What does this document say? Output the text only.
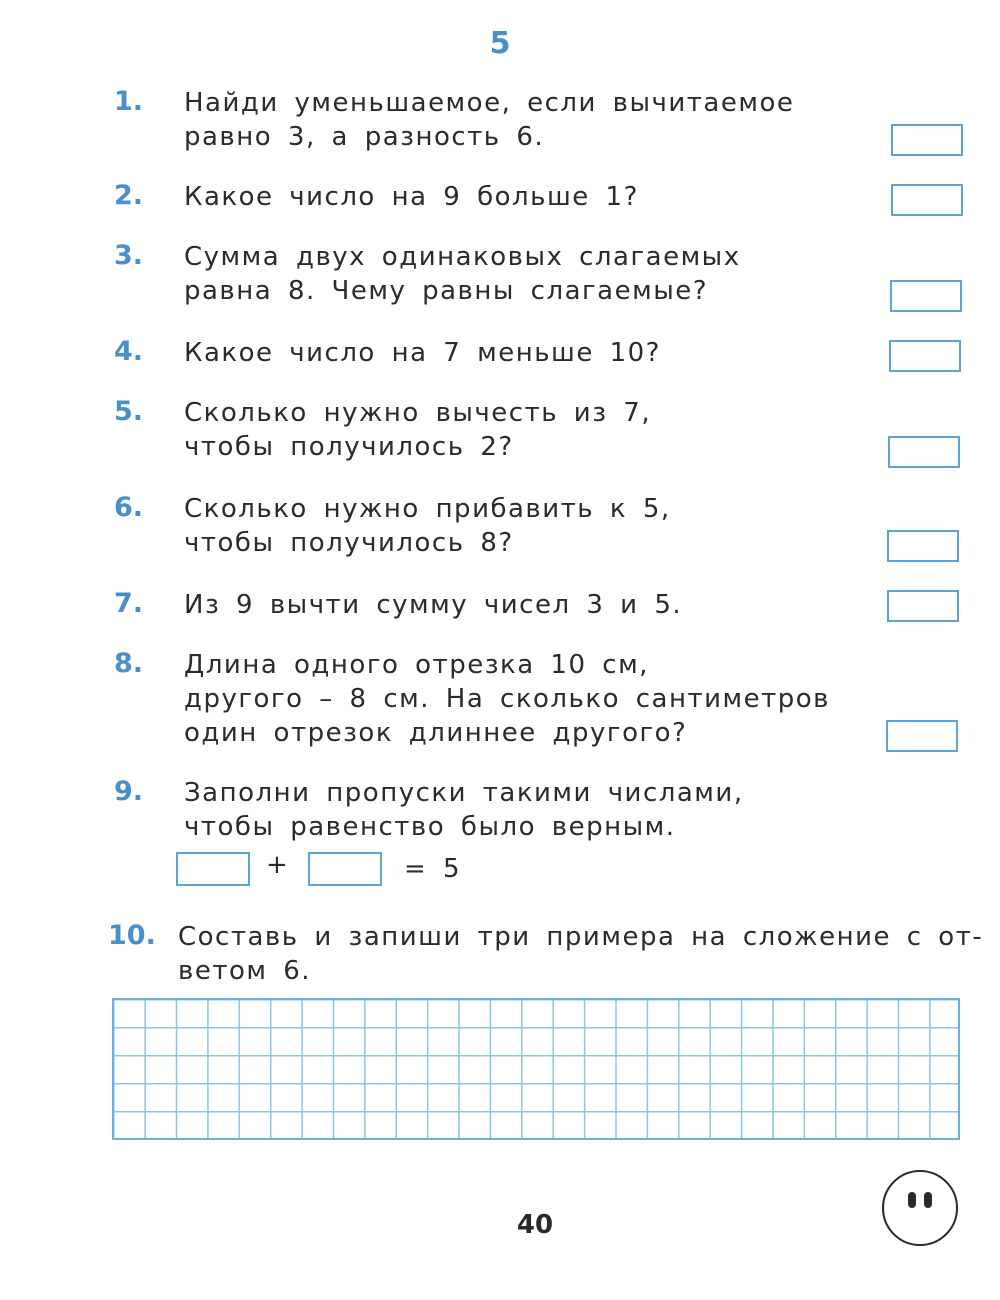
5
1.	Найди уменьшаемое, если вычитаемое
равно 3, а разность 6.
2.	Какое число на 9 больше 1?
3.	Сумма двух одинаковых слагаемых
равна 8. Чему равны слагаемые?
4.	Какое число на 7 меньше 10?
5.	Сколько нужно вычесть из 7,
чтобы получилось 2?
6.	Сколько нужно прибавить к 5,
чтобы получилось 8?
7.	Из 9 вычти сумму чисел 3 и 5.
8.	Длина одного отрезка 10 см,
другого – 8 см. На сколько сантиметров
один отрезок длиннее другого?
9.	Заполни пропуски такими числами,
чтобы равенство было верным.
+	= 5
10. Составь и запиши три примера на сложение с от-
ветом 6.
40
